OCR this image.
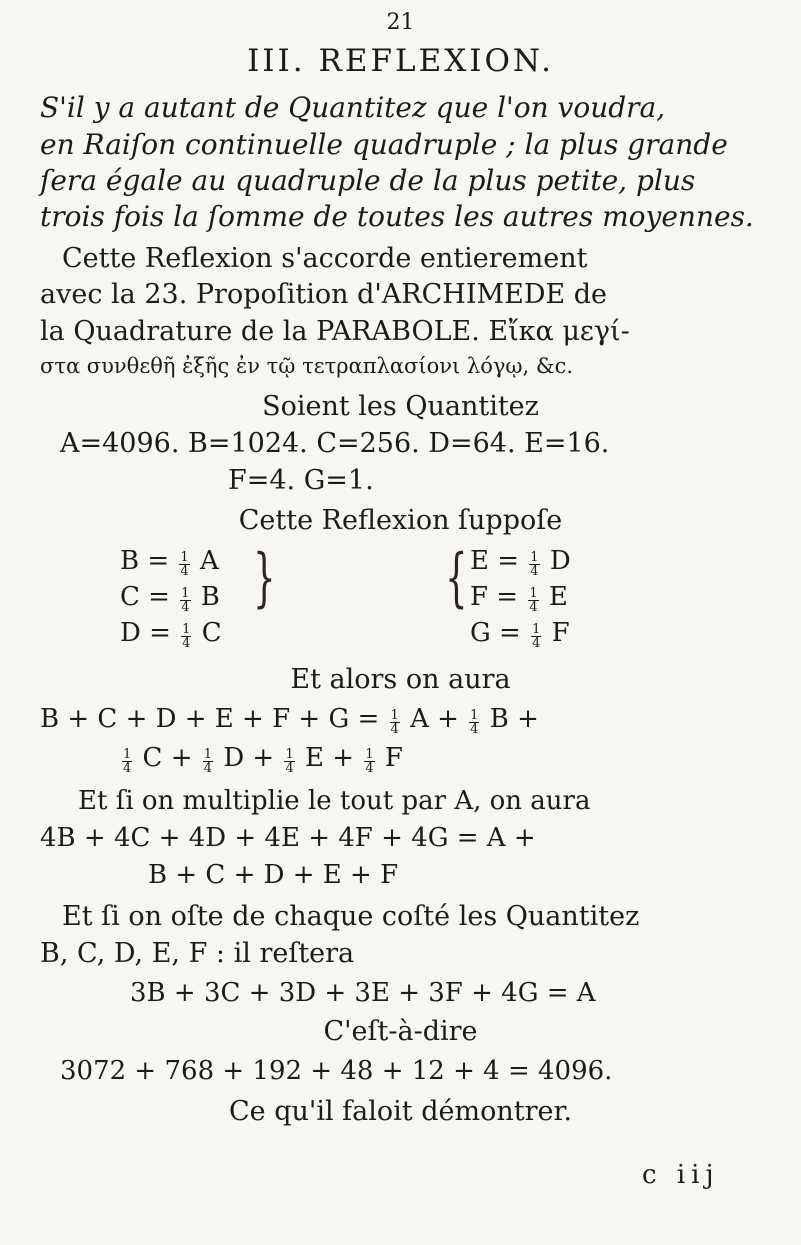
21
III. REFLEXION.
S'il y a autant de Quantitez que l'on voudra,
en Raiſon continuelle quadruple ; la plus grande
ſera égale au quadruple de la plus petite, plus
trois fois la ſomme de toutes les autres moyennes.
Cette Reflexion s'accorde entierement
avec la 23. Propoſition d'ARCHIMEDE de
la Quadrature de la PARABOLE. Εἴκα μεγί-
στα συνθεθῆ ἐξῆς ἐν τῷ τετραπλασίονι λόγῳ, &c.
Soient les Quantitez
A=4096. B=1024. C=256. D=64. E=16.
F=4. G=1.
Cette Reflexion ſuppoſe
$B = \frac{1}{4}$ A
$C = \frac{1}{4}$ B
$D = \frac{1}{4}$ C
}	{ $E = \frac{1}{4}$ D
$F = \frac{1}{4}$ E
$G = \frac{1}{4}$ F
Et alors on aura
$B + C + D + E + F + G = \frac{1}{4}$ $A + \frac{1}{4}$ B +
$\frac{1}{4}$ $C + \frac{1}{4}$ $D + \frac{1}{4}$ $E + \frac{1}{4}$ F
Et ſi on multiplie le tout par A, on aura
4B + 4C + 4D + 4E + 4F + 4G = A +
B + C + D + E + F
Et ſi on oſte de chaque coſté les Quantitez
B, C, D, E, F : il reſtera
3B + 3C + 3D + 3E + 3F + 4G = A
C'eſt-à-dire
3072 + 768 + 192 + 48 + 12 + 4 = 4096.
Ce qu'il faloit démontrer.
c iij
